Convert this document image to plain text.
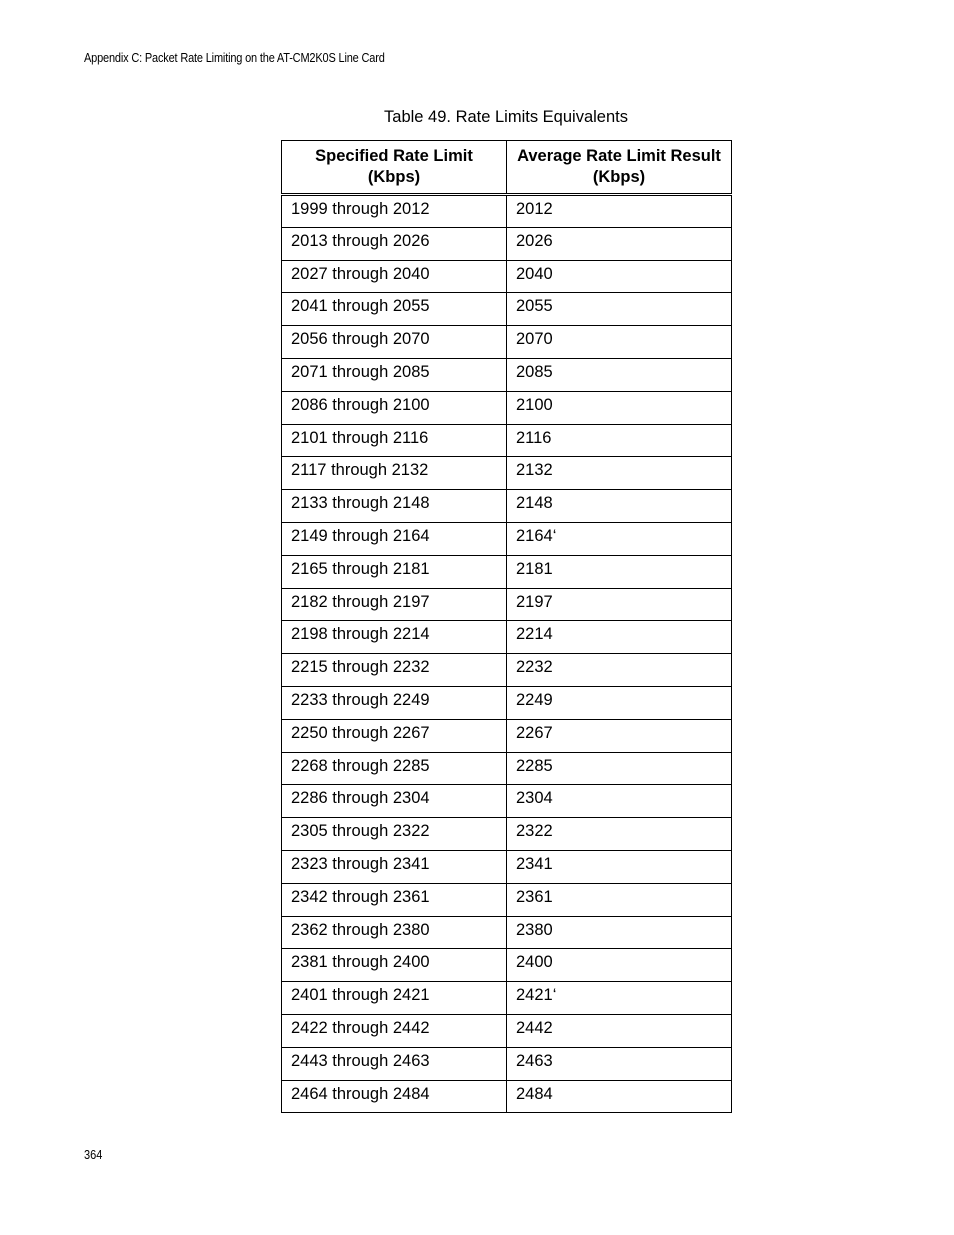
Appendix C: Packet Rate Limiting on the AT-CM2K0S Line Card
Table 49. Rate Limits Equivalents
Specified Rate Limit (Kbps)	Average Rate Limit Result (Kbps)
1999 through 2012	2012
2013 through 2026	2026
2027 through 2040	2040
2041 through 2055	2055
2056 through 2070	2070
2071 through 2085	2085
2086 through 2100	2100
2101 through 2116	2116
2117 through 2132	2132
2133 through 2148	2148
2149 through 2164	2164‘
2165 through 2181	2181
2182 through 2197	2197
2198 through 2214	2214
2215 through 2232	2232
2233 through 2249	2249
2250 through 2267	2267
2268 through 2285	2285
2286 through 2304	2304
2305 through 2322	2322
2323 through 2341	2341
2342 through 2361	2361
2362 through 2380	2380
2381 through 2400	2400
2401 through 2421	2421‘
2422 through 2442	2442
2443 through 2463	2463
2464 through 2484	2484
364
